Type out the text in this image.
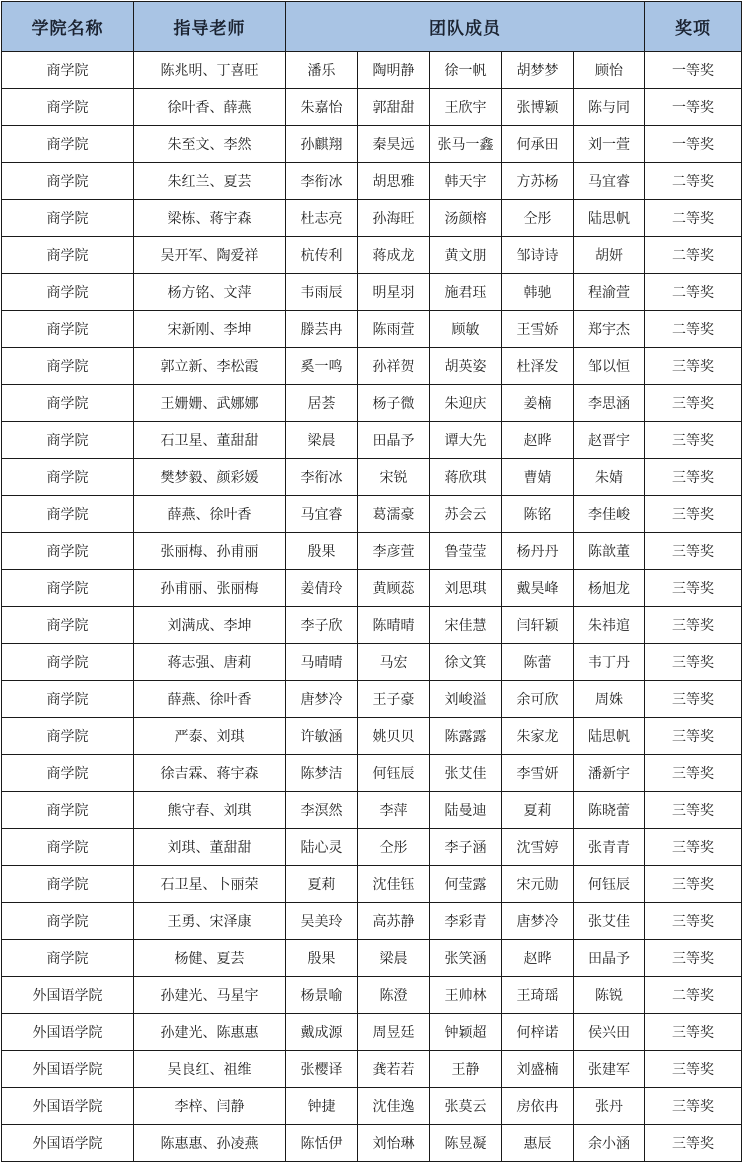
学院名称	指导老师	团队成员					奖项
商学院	陈兆明、丁喜旺	潘乐	陶明静	徐一帆	胡梦梦	顾怡	一等奖
商学院	徐叶香、薛燕	朱嘉怡	郭甜甜	王欣宇	张博颖	陈与同	一等奖
商学院	朱至文、李然	孙麒翔	秦昊远	张马一鑫	何承田	刘一萱	一等奖
商学院	朱红兰、夏芸	李衔冰	胡思雅	韩天宇	方苏杨	马宜睿	二等奖
商学院	梁栋、蒋宇森	杜志亮	孙海旺	汤颜榕	仝彤	陆思帆	二等奖
商学院	吴开军、陶爱祥	杭传利	蒋成龙	黄文朋	邹诗诗	胡妍	二等奖
商学院	杨方铭、文萍	韦雨辰	明星羽	施君珏	韩驰	程渝萱	二等奖
商学院	宋新刚、李坤	滕芸冉	陈雨萱	顾敏	王雪娇	郑宇杰	二等奖
商学院	郭立新、李松霞	奚一鸣	孙祥贺	胡英姿	杜泽发	邹以恒	三等奖
商学院	王姗姗、武娜娜	居荟	杨子微	朱迎庆	姜楠	李思涵	三等奖
商学院	石卫星、董甜甜	梁晨	田晶予	谭大先	赵晔	赵晋宇	三等奖
商学院	樊梦毅、颜彩媛	李衔冰	宋锐	蒋欣琪	曹婧	朱婧	三等奖
商学院	薛燕、徐叶香	马宜睿	葛濡豪	苏会云	陈铭	李佳峻	三等奖
商学院	张丽梅、孙甫丽	殷果	李彦萱	鲁莹莹	杨丹丹	陈歆董	三等奖
商学院	孙甫丽、张丽梅	姜倩玲	黄顾蕊	刘思琪	戴昊峰	杨旭龙	三等奖
商学院	刘满成、李坤	李子欣	陈晴晴	宋佳慧	闫轩颖	朱祎逭	三等奖
商学院	蒋志强、唐莉	马晴晴	马宏	徐文箕	陈蕾	韦丁丹	三等奖
商学院	薛燕、徐叶香	唐梦冷	王子豪	刘峻溢	余可欣	周姝	三等奖
商学院	严泰、刘琪	许敏涵	姚贝贝	陈露露	朱家龙	陆思帆	三等奖
商学院	徐吉霖、蒋宇森	陈梦洁	何钰辰	张艾佳	李雪妍	潘新宇	三等奖
商学院	熊守春、刘琪	李溟然	李萍	陆曼迪	夏莉	陈晓蕾	三等奖
商学院	刘琪、董甜甜	陆心灵	仝彤	李子涵	沈雪婷	张青青	三等奖
商学院	石卫星、卜丽荣	夏莉	沈佳钰	何莹露	宋元勋	何钰辰	三等奖
商学院	王勇、宋泽康	吴美玲	高苏静	李彩青	唐梦冷	张艾佳	三等奖
商学院	杨健、夏芸	殷果	梁晨	张笑涵	赵晔	田晶予	三等奖
外国语学院	孙建光、马星宇	杨景喻	陈澄	王帅林	王琦瑶	陈锐	二等奖
外国语学院	孙建光、陈惠惠	戴成源	周昱廷	钟颖超	何梓诺	侯兴田	三等奖
外国语学院	吴良红、祖维	张樱译	龚若若	王静	刘盛楠	张建军	三等奖
外国语学院	李梓、闫静	钟捷	沈佳逸	张莫云	房依冉	张丹	三等奖
外国语学院	陈惠惠、孙凌燕	陈恬伊	刘怡琳	陈昱凝	惠辰	余小涵	三等奖
